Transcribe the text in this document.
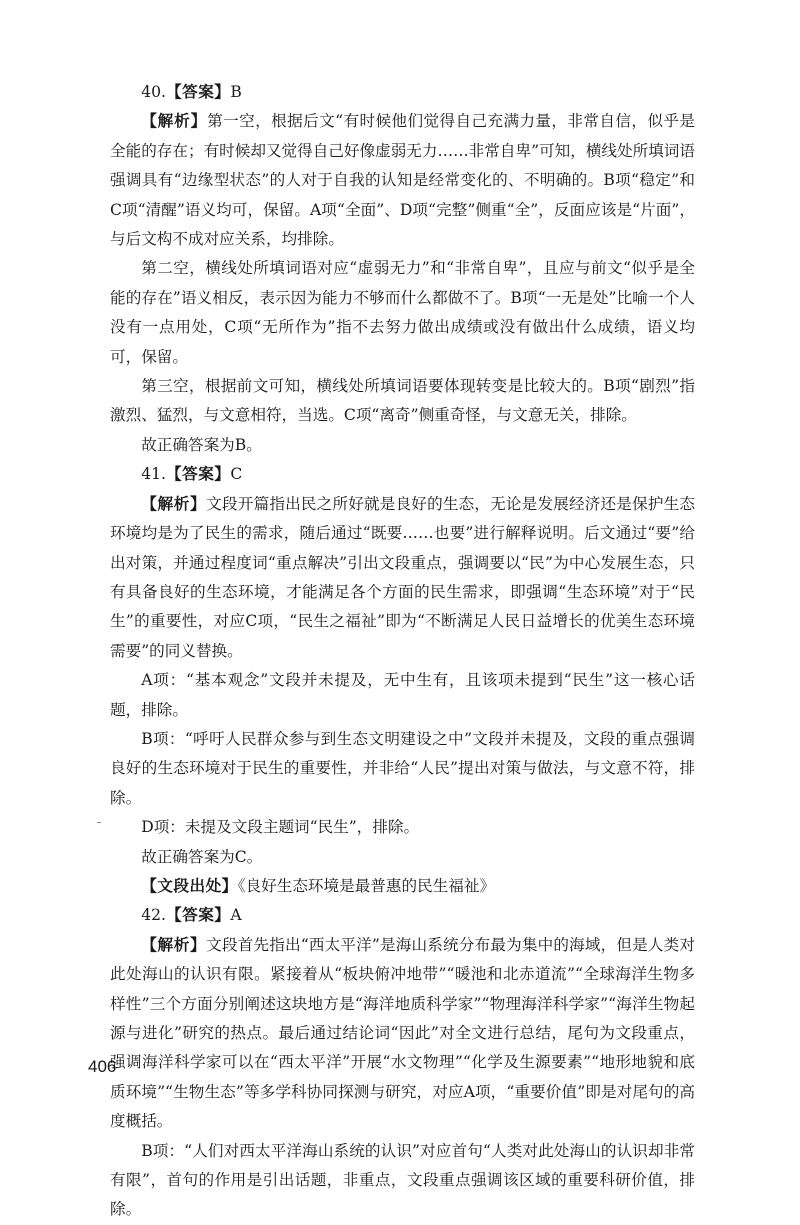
40.【答案】B

【解析】第一空，根据后文“有时候他们觉得自己充满力量，非常自信，似乎是全能的存在；有时候却又觉得自己好像虚弱无力……非常自卑”可知，横线处所填词语强调具有“边缘型状态”的人对于自我的认知是经常变化的、不明确的。B项“稳定”和C项“清醒”语义均可，保留。A项“全面”、D项“完整”侧重“全”，反面应该是“片面”，与后文构不成对应关系，均排除。

第二空，横线处所填词语对应“虚弱无力”和“非常自卑”，且应与前文“似乎是全能的存在”语义相反，表示因为能力不够而什么都做不了。B项“一无是处”比喻一个人没有一点用处，C项“无所作为”指不去努力做出成绩或没有做出什么成绩，语义均可，保留。

第三空，根据前文可知，横线处所填词语要体现转变是比较大的。B项“剧烈”指激烈、猛烈，与文意相符，当选。C项“离奇”侧重奇怪，与文意无关，排除。

故正确答案为B。

41.【答案】C

【解析】文段开篇指出民之所好就是良好的生态，无论是发展经济还是保护生态环境均是为了民生的需求，随后通过“既要……也要”进行解释说明。后文通过“要”给出对策，并通过程度词“重点解决”引出文段重点，强调要以“民”为中心发展生态，只有具备良好的生态环境，才能满足各个方面的民生需求，即强调“生态环境”对于“民生”的重要性，对应C项，“民生之福祉”即为“不断满足人民日益增长的优美生态环境需要”的同义替换。

A项：“基本观念”文段并未提及，无中生有，且该项未提到“民生”这一核心话题，排除。

B项：“呼吁人民群众参与到生态文明建设之中”文段并未提及，文段的重点强调良好的生态环境对于民生的重要性，并非给“人民”提出对策与做法，与文意不符，排除。

D项：未提及文段主题词“民生”，排除。

故正确答案为C。

【文段出处】《良好生态环境是最普惠的民生福祉》

42.【答案】A

【解析】文段首先指出“西太平洋”是海山系统分布最为集中的海域，但是人类对此处海山的认识有限。紧接着从“板块俯冲地带”“暖池和北赤道流”“全球海洋生物多样性”三个方面分别阐述这块地方是“海洋地质科学家”“物理海洋科学家”“海洋生物起源与进化”研究的热点。最后通过结论词“因此”对全文进行总结，尾句为文段重点，强调海洋科学家可以在“西太平洋”开展“水文物理”“化学及生源要素”“地形地貌和底质环境”“生物生态”等多学科协同探测与研究，对应A项，“重要价值”即是对尾句的高度概括。

B项：“人们对西太平洋海山系统的认识”对应首句“人类对此处海山的认识却非常有限”，首句的作用是引出话题，非重点，文段重点强调该区域的重要科研价值，排除。

406
